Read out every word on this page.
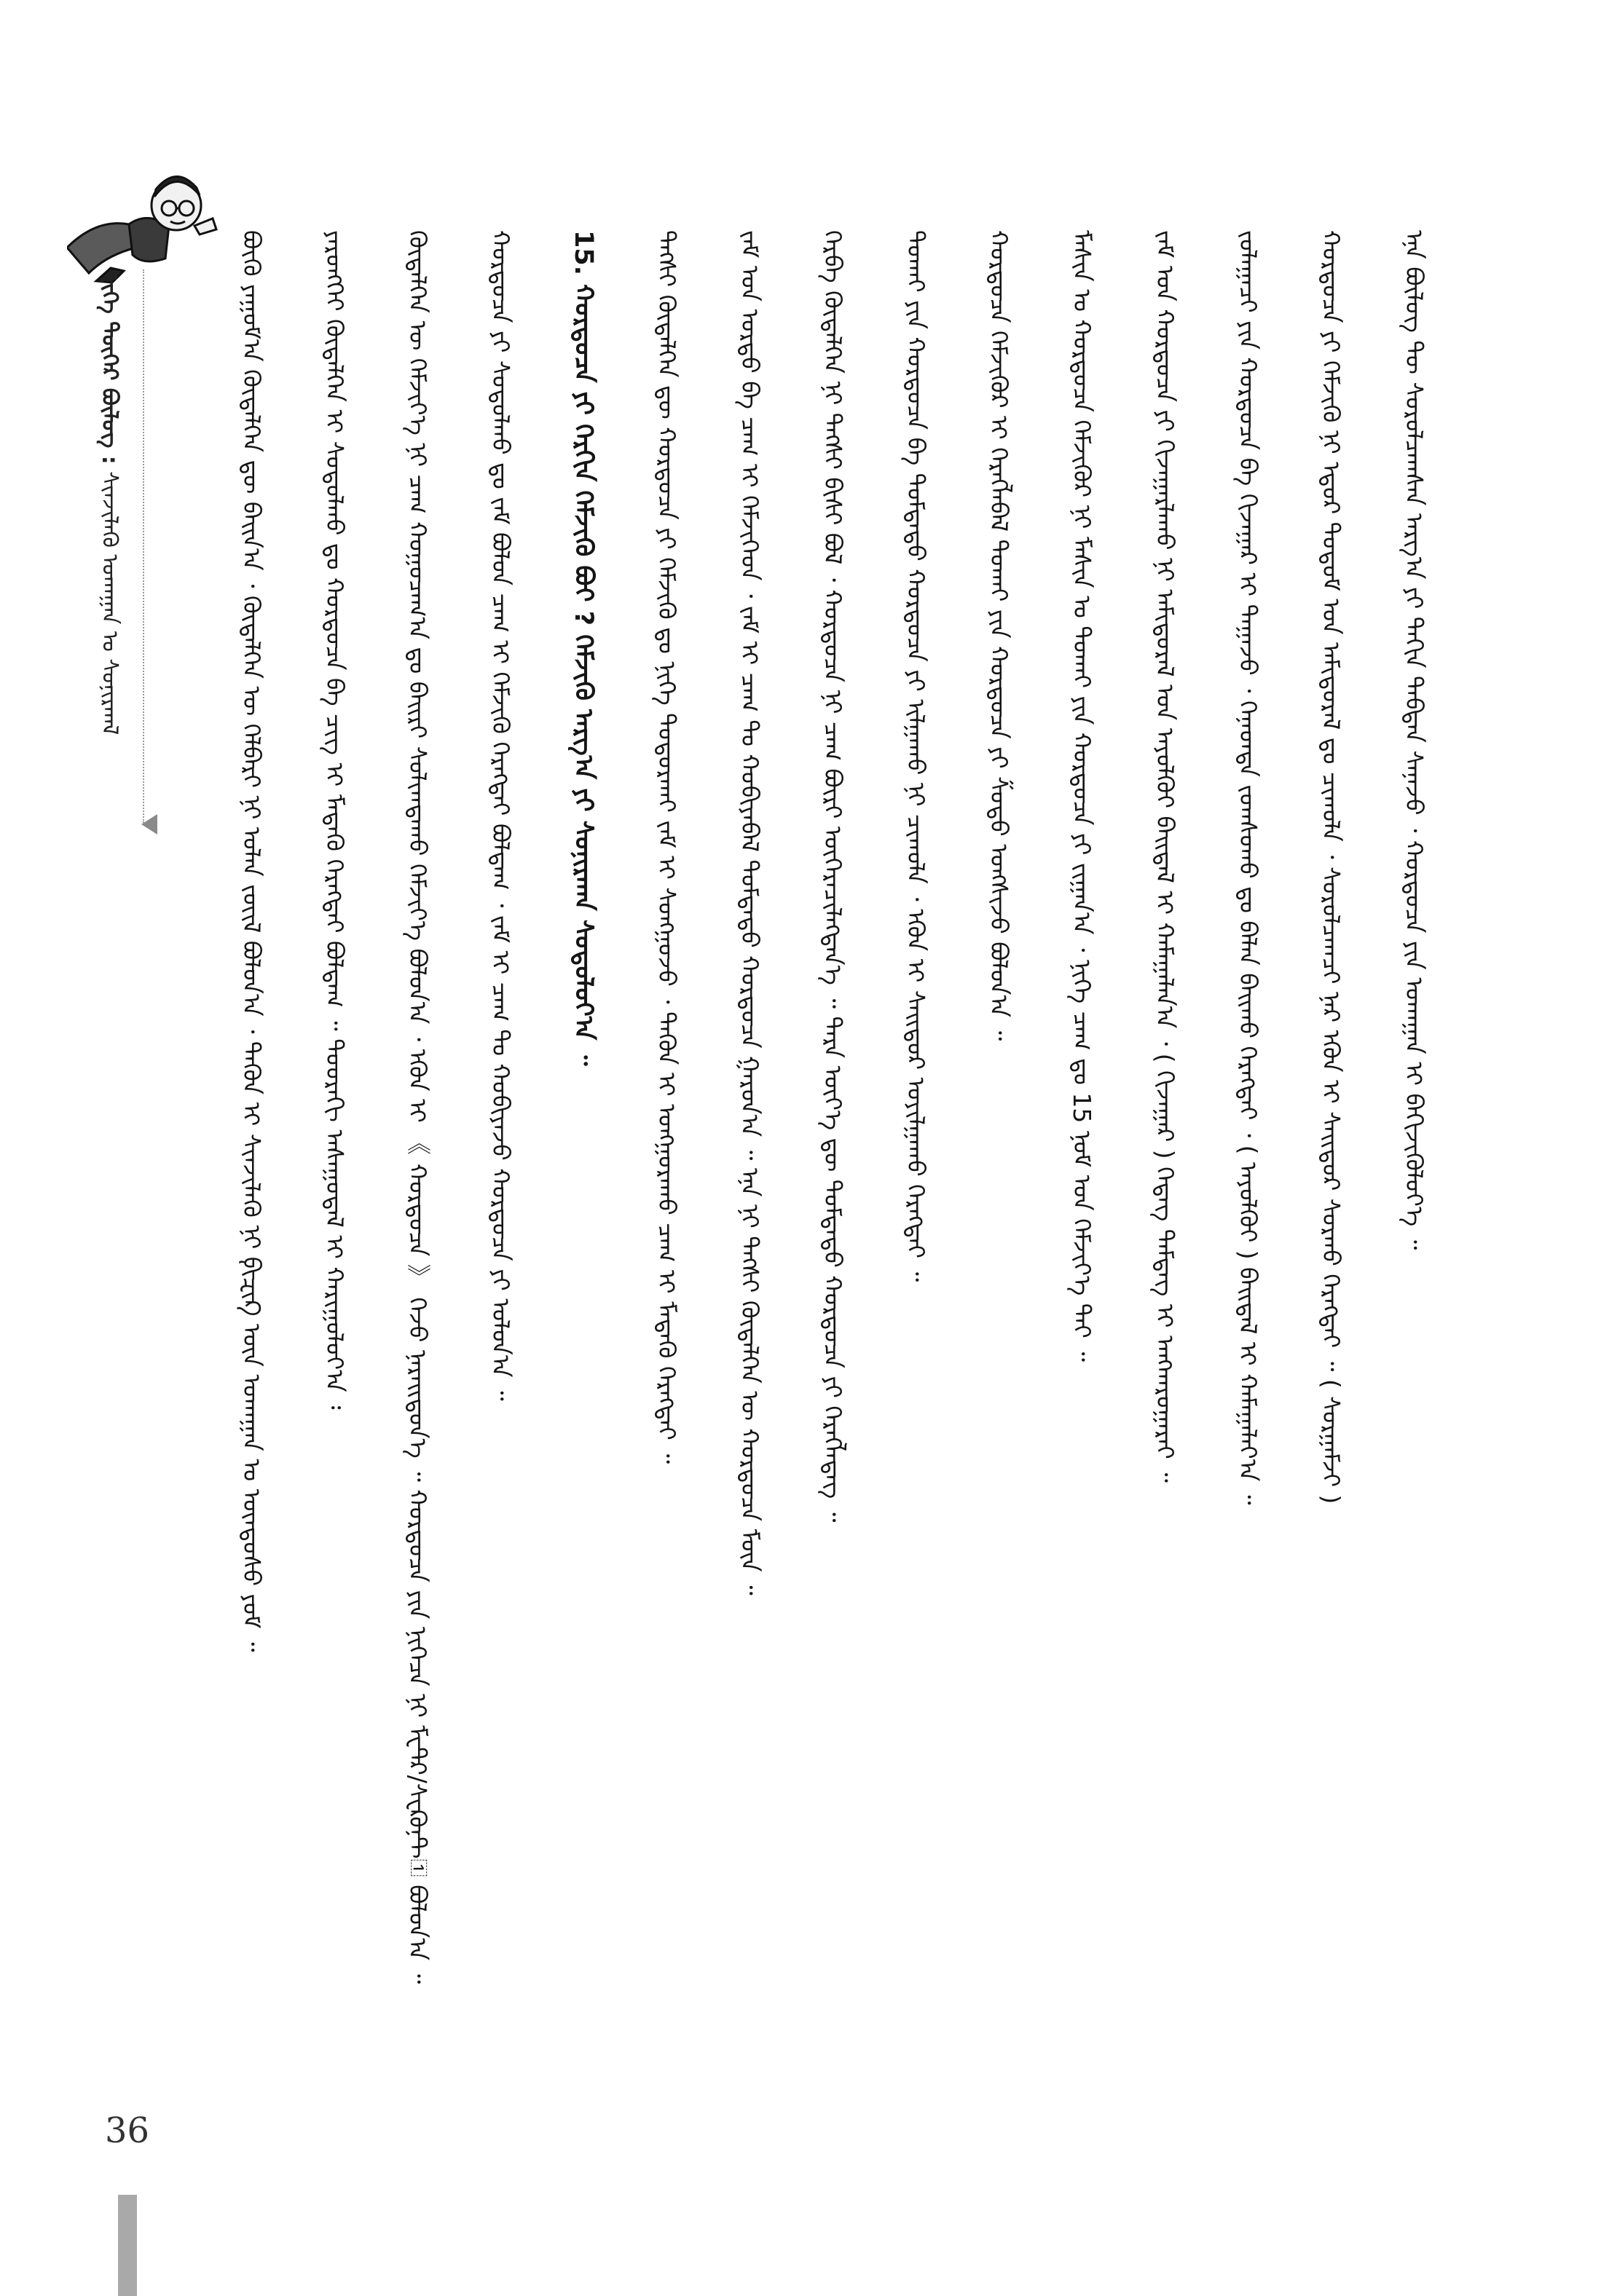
ᠨᠢᠭᠡ ᠳᠦᠭᠡᠷ ᠪᠦᠯᠦᠭ : ᠰᠢᠨᠵᠢᠯᠡᠬᠦ ᠤᠬᠠᠭᠠᠨ ᠤ ᠰᠣᠨᠢᠷᠬᠠᠯ	ᠪᠦᠬᠦ ᠶᠠᠭᠤᠮ᠎ᠠ ᠬᠥᠳᠡᠯᠭᠡᠨ ᠳᠦ ᠪᠠᠢᠨ᠎ᠠ ᠂ ᠬᠥᠳᠡᠯᠭᠡᠨ ᠦ ᠬᠡᠯᠪᠡᠷᠢ ᠨᠢ ᠣᠯᠠᠨ ᠵᠦᠢᠯ ᠪᠣᠯᠤᠨ᠎ᠠ ᠂ ᠲᠡᠭᠦᠨ ᠢ ᠰᠢᠨᠵᠢᠯᠡᠬᠦ ᠨᠢ ᠹᠢᠽᠢᠺ ᠦᠨ ᠤᠬᠠᠭᠠᠨ ᠤ ᠦᠨᠳᠦᠰᠦ ᠶᠤᠮ ᠃	ᠶᠡᠷᠦᠩᠬᠡᠢ ᠬᠥᠳᠡᠯᠭᠡᠨ ᠢ ᠰᠤᠳᠤᠯᠬᠤ ᠳᠤ ᠬᠤᠷᠳᠤᠴᠠ ᠪᠠ ᠴᠢᠭ ᠢ ᠮᠡᠳᠡᠬᠦ ᠬᠡᠷᠡᠭᠲᠡᠢ ᠪᠣᠯᠳᠠᠭ ᠃ ᠳᠣᠣᠷᠠᠬᠢ ᠠᠰᠠᠭᠤᠳᠠᠯ ᠢ ᠬᠠᠷᠢᠭᠤᠯᠤᠶ᠎ᠠ ᠄	ᠬᠥᠳᠡᠯᠭᠡᠨ ᠦ ᠬᠡᠮᠵᠢᠶ᠎ᠡ ᠨᠢ ᠴᠠᠭ ᠬᠤᠭᠤᠴᠠᠭ᠎ᠠ ᠳᠤ ᠪᠠᠢᠷᠢ ᠰᠣᠯᠢᠭᠳᠠᠬᠤ ᠬᠡᠮᠵᠢᠶ᠎ᠡ ᠪᠣᠯᠤᠨ᠎ᠠ ᠂ ᠡᠭᠦᠨ ᠢ 《 ᠬᠤᠷᠳᠤᠴᠠ 》 ᠭᠡᠵᠦ ᠨᠡᠷᠡᠢᠳᠦᠨ᠎ᠡ ᠃ ᠬᠤᠷᠳᠤᠴᠠ ᠶᠢᠨ ᠨᠢᠭᠡᠴᠡ ᠨᠢ ᠮᠧᠲ᠋ᠷ/ᠰᠧᠺᠦᠨ᠋ᠲ᠋ ᠪᠣᠯᠤᠨ᠎ᠠ ᠃	ᠬᠤᠷᠳᠤᠴᠠ ᠶᠢ ᠰᠤᠳᠤᠯᠬᠤ ᠳᠤ ᠵᠠᠮ ᠪᠣᠯᠤᠨ ᠴᠠᠭ ᠢ ᠬᠡᠮᠵᠢᠬᠦ ᠬᠡᠷᠡᠭᠲᠡᠢ ᠪᠣᠯᠳᠠᠭ ᠂ ᠵᠠᠮ ᠢ ᠴᠠᠭ ᠲᠤ ᠬᠤᠪᠢᠶᠠᠵᠤ ᠬᠤᠷᠳᠤᠴᠠ ᠶᠢ ᠣᠯᠤᠨ᠎ᠠ ᠃ 15. ᠬᠤᠷᠳᠤᠴᠠ ᠶᠢ ᠬᠡᠷᠬᠢᠨ ᠬᠡᠮᠵᠢᠬᠦ ᠪᠤᠢ ? ᠬᠡᠮᠵᠢᠬᠦ ᠠᠷᠭ᠎ᠠ ᠶᠢ ᠰᠣᠨᠢᠷᠬᠠᠨ ᠰᠤᠳᠤᠯᠤᠶ᠎ᠠ ᠃	ᠲᠡᠭᠰᠢ ᠬᠥᠳᠡᠯᠭᠡᠨ ᠳᠦ ᠬᠤᠷᠳᠤᠴᠠ ᠶᠢ ᠬᠡᠮᠵᠢᠬᠦ ᠳᠤ ᠨᠢᠭᠡ ᠲᠣᠳᠣᠷᠬᠠᠢ ᠵᠠᠮ ᠢ ᠰᠣᠩᠭᠣᠵᠤ ᠂ ᠲᠡᠭᠦᠨ ᠢ ᠣᠩᠭᠣᠷᠠᠬᠤ ᠴᠠᠭ ᠢ ᠮᠡᠳᠡᠬᠦ ᠬᠡᠷᠡᠭᠲᠡᠢ ᠃	ᠵᠠᠮ ᠤᠨ ᠤᠷᠳᠤ ᠪᠠ ᠴᠠᠭ ᠢ ᠬᠡᠮᠵᠢᠭᠡᠳ ᠂ ᠵᠠᠮ ᠢ ᠴᠠᠭ ᠲᠤ ᠬᠤᠪᠢᠶᠠᠪᠠᠯ ᠳᠤᠮᠳᠠᠳᠤ ᠬᠤᠷᠳᠤᠴᠠ ᠭᠠᠷᠤᠨ᠎ᠠ ᠃ ᠡᠨᠡ ᠨᠢ ᠲᠡᠭᠰᠢ ᠬᠥᠳᠡᠯᠭᠡᠨ ᠦ ᠬᠤᠷᠳᠤᠴᠠ ᠮᠥᠨ ᠃	ᠬᠡᠷᠪᠡ ᠬᠥᠳᠡᠯᠭᠡᠨ ᠨᠢ ᠲᠡᠭᠰᠢ ᠪᠢᠰᠢ ᠪᠣᠯ ᠂ ᠬᠤᠷᠳᠤᠴᠠ ᠨᠢ ᠴᠠᠭ ᠪᠦᠷᠢ ᠥᠭᠡᠷᠡᠴᠢᠯᠡᠭᠳᠡᠨ᠎ᠡ ᠃ ᠲᠡᠷᠡ ᠦᠶ᠎ᠡ ᠳᠦ ᠳᠤᠮᠳᠠᠳᠤ ᠬᠤᠷᠳᠤᠴᠠ ᠶᠢ ᠬᠡᠷᠡᠭᠯᠡᠳᠡᠭ ᠃	ᠲᠤᠬᠠᠢ ᠶᠢᠨ ᠬᠤᠷᠳᠤᠴᠠ ᠪᠠ ᠳᠤᠮᠳᠠᠳᠤ ᠬᠤᠷᠳᠤᠴᠠ ᠶᠢ ᠢᠯᠭᠠᠬᠤ ᠨᠢ ᠴᠢᠬᠤᠯᠠ ᠂ ᠡᠭᠦᠨ ᠢ ᠰᠠᠢᠲᠤᠷ ᠣᠶᠢᠯᠭᠠᠬᠤ ᠬᠡᠷᠡᠭᠲᠡᠢ ᠃	ᠬᠤᠷᠳᠤᠴᠠ ᠬᠡᠮᠵᠢᠭᠦᠷ ᠢ ᠬᠡᠷᠡᠭᠯᠡᠪᠡᠯ ᠲᠤᠬᠠᠢ ᠶᠢᠨ ᠬᠤᠷᠳᠤᠴᠠ ᠶᠢ ᠱᠤᠳᠤ ᠤᠩᠰᠢᠵᠤ ᠪᠣᠯᠤᠨ᠎ᠠ ᠃	ᠮᠠᠰᠢᠨ ᠤ ᠬᠤᠷᠳᠤᠴᠠ ᠬᠡᠮᠵᠢᠭᠦᠷ ᠨᠢ ᠮᠠᠰᠢᠨ ᠤ ᠲᠤᠬᠠᠢ ᠶᠢᠨ ᠬᠤᠷᠳᠤᠴᠠ ᠶᠢ ᠵᠢᠭᠠᠨ᠎ᠠ ᠂ ᠨᠢᠭᠡ ᠴᠠᠭ ᠳᠤ 15 ᠨᠤᠮ ᠤᠨ ᠬᠡᠮᠵᠢᠶ᠎ᠡ ᠲᠡᠢ ᠃	ᠵᠠᠮ ᠤᠨ ᠬᠤᠷᠳᠤᠴᠠ ᠶᠢ ᠬᠢᠵᠠᠭᠠᠷᠯᠠᠬᠤ ᠨᠢ ᠠᠮᠢᠳᠤᠷᠠᠯ ᠤᠨ ᠠᠶᠤᠯᠭᠦᠢ ᠪᠠᠢᠳᠠᠯ ᠢ ᠬᠠᠮᠠᠭᠠᠯᠠᠨ᠎ᠠ ᠂ ( ᠬᠢᠵᠠᠭᠠᠷ ) ᠭᠡᠳᠡᠭ ᠲᠡᠮᠳᠡᠭ ᠢ ᠠᠩᠬᠠᠷᠤᠭᠠᠷᠠᠢ ᠃	ᠵᠤᠯᠠᠭᠠᠴᠢ ᠶᠢᠨ ᠬᠤᠷᠳᠤᠴᠠ ᠪᠠ ᠬᠢᠵᠠᠭᠠᠷ ᠢ ᠳᠠᠭᠠᠵᠤ ᠂ ᠭᠡᠨᠡᠳᠲᠡ ᠵᠣᠭᠰᠣᠬᠤ ᠳᠤ ᠪᠡᠯᠡᠨ ᠪᠠᠢᠬᠤ ᠬᠡᠷᠡᠭᠲᠡᠢ ᠂ ( ᠠᠶᠤᠯᠭᠦᠢ ) ᠪᠠᠢᠳᠠᠯ ᠢ ᠬᠠᠮᠠᠭᠠᠯᠠᠶ᠎ᠠ ᠃	ᠬᠤᠷᠳᠤᠴᠠ ᠶᠢ ᠬᠡᠮᠵᠢᠬᠦ ᠨᠢ ᠡᠳᠦᠷ ᠲᠤᠲᠤᠮ ᠤᠨ ᠠᠮᠢᠳᠤᠷᠠᠯ ᠳᠤ ᠴᠢᠬᠤᠯᠠ ᠂ ᠰᠤᠷᠤᠯᠴᠠᠭᠴᠢ ᠨᠠᠷ ᠡᠭᠦᠨ ᠢ ᠰᠠᠢᠲᠤᠷ ᠰᠤᠷᠬᠤ ᠬᠡᠷᠡᠭᠲᠡᠢ ᠃ ( ᠰᠤᠷᠭᠠᠮᠵᠢ )	ᠡᠨᠡ ᠪᠦᠯᠦᠭ ᠲᠦ ᠰᠤᠷᠤᠯᠴᠠᠭᠰᠠᠨ ᠠᠷᠭ᠎ᠠ ᠶᠢ ᠳᠠᠬᠢᠨ ᠳᠠᠪᠲᠠᠨ ᠰᠠᠨᠠᠵᠤ ᠂ ᠬᠤᠷᠳᠤᠴᠠ ᠶᠢᠨ ᠤᠬᠠᠭᠠᠨ ᠢ ᠪᠡᠬᠢᠵᠢᠭᠦᠯᠦᠶ᠎ᠡ ᠃
36
